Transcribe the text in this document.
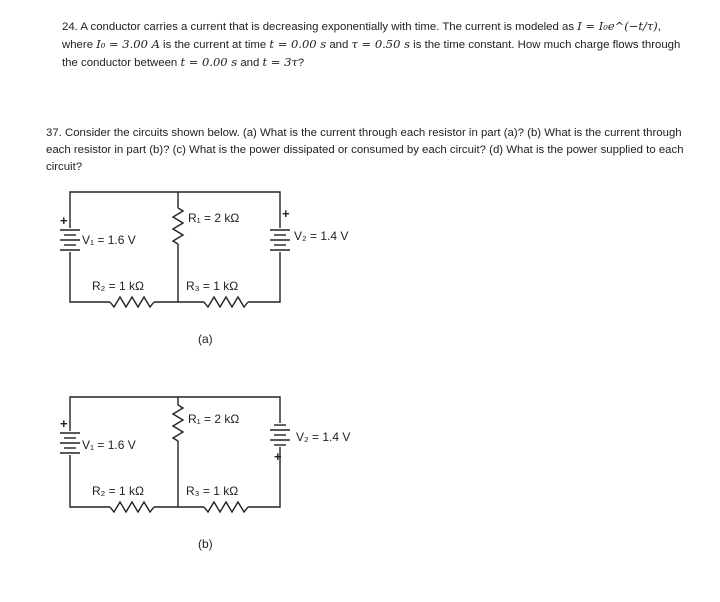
24. A conductor carries a current that is decreasing exponentially with time. The current is modeled as I = I₀e^(−t/τ), where I₀ = 3.00 A is the current at time t = 0.00 s and τ = 0.50 s is the time constant. How much charge flows through the conductor between t = 0.00 s and t = 3τ?
37. Consider the circuits shown below. (a) What is the current through each resistor in part (a)? (b) What is the current through each resistor in part (b)? (c) What is the power dissipated or consumed by each circuit? (d) What is the power supplied to each circuit?
+
V₁ = 1.6 V
+
V₂ = 1.4 V
R₁ = 2 kΩ
R₂ = 1 kΩ	R₃ = 1 kΩ
(a)
+
V₁ = 1.6 V
+
V₂ = 1.4 V
R₁ = 2 kΩ
R₂ = 1 kΩ	R₃ = 1 kΩ
(b)
